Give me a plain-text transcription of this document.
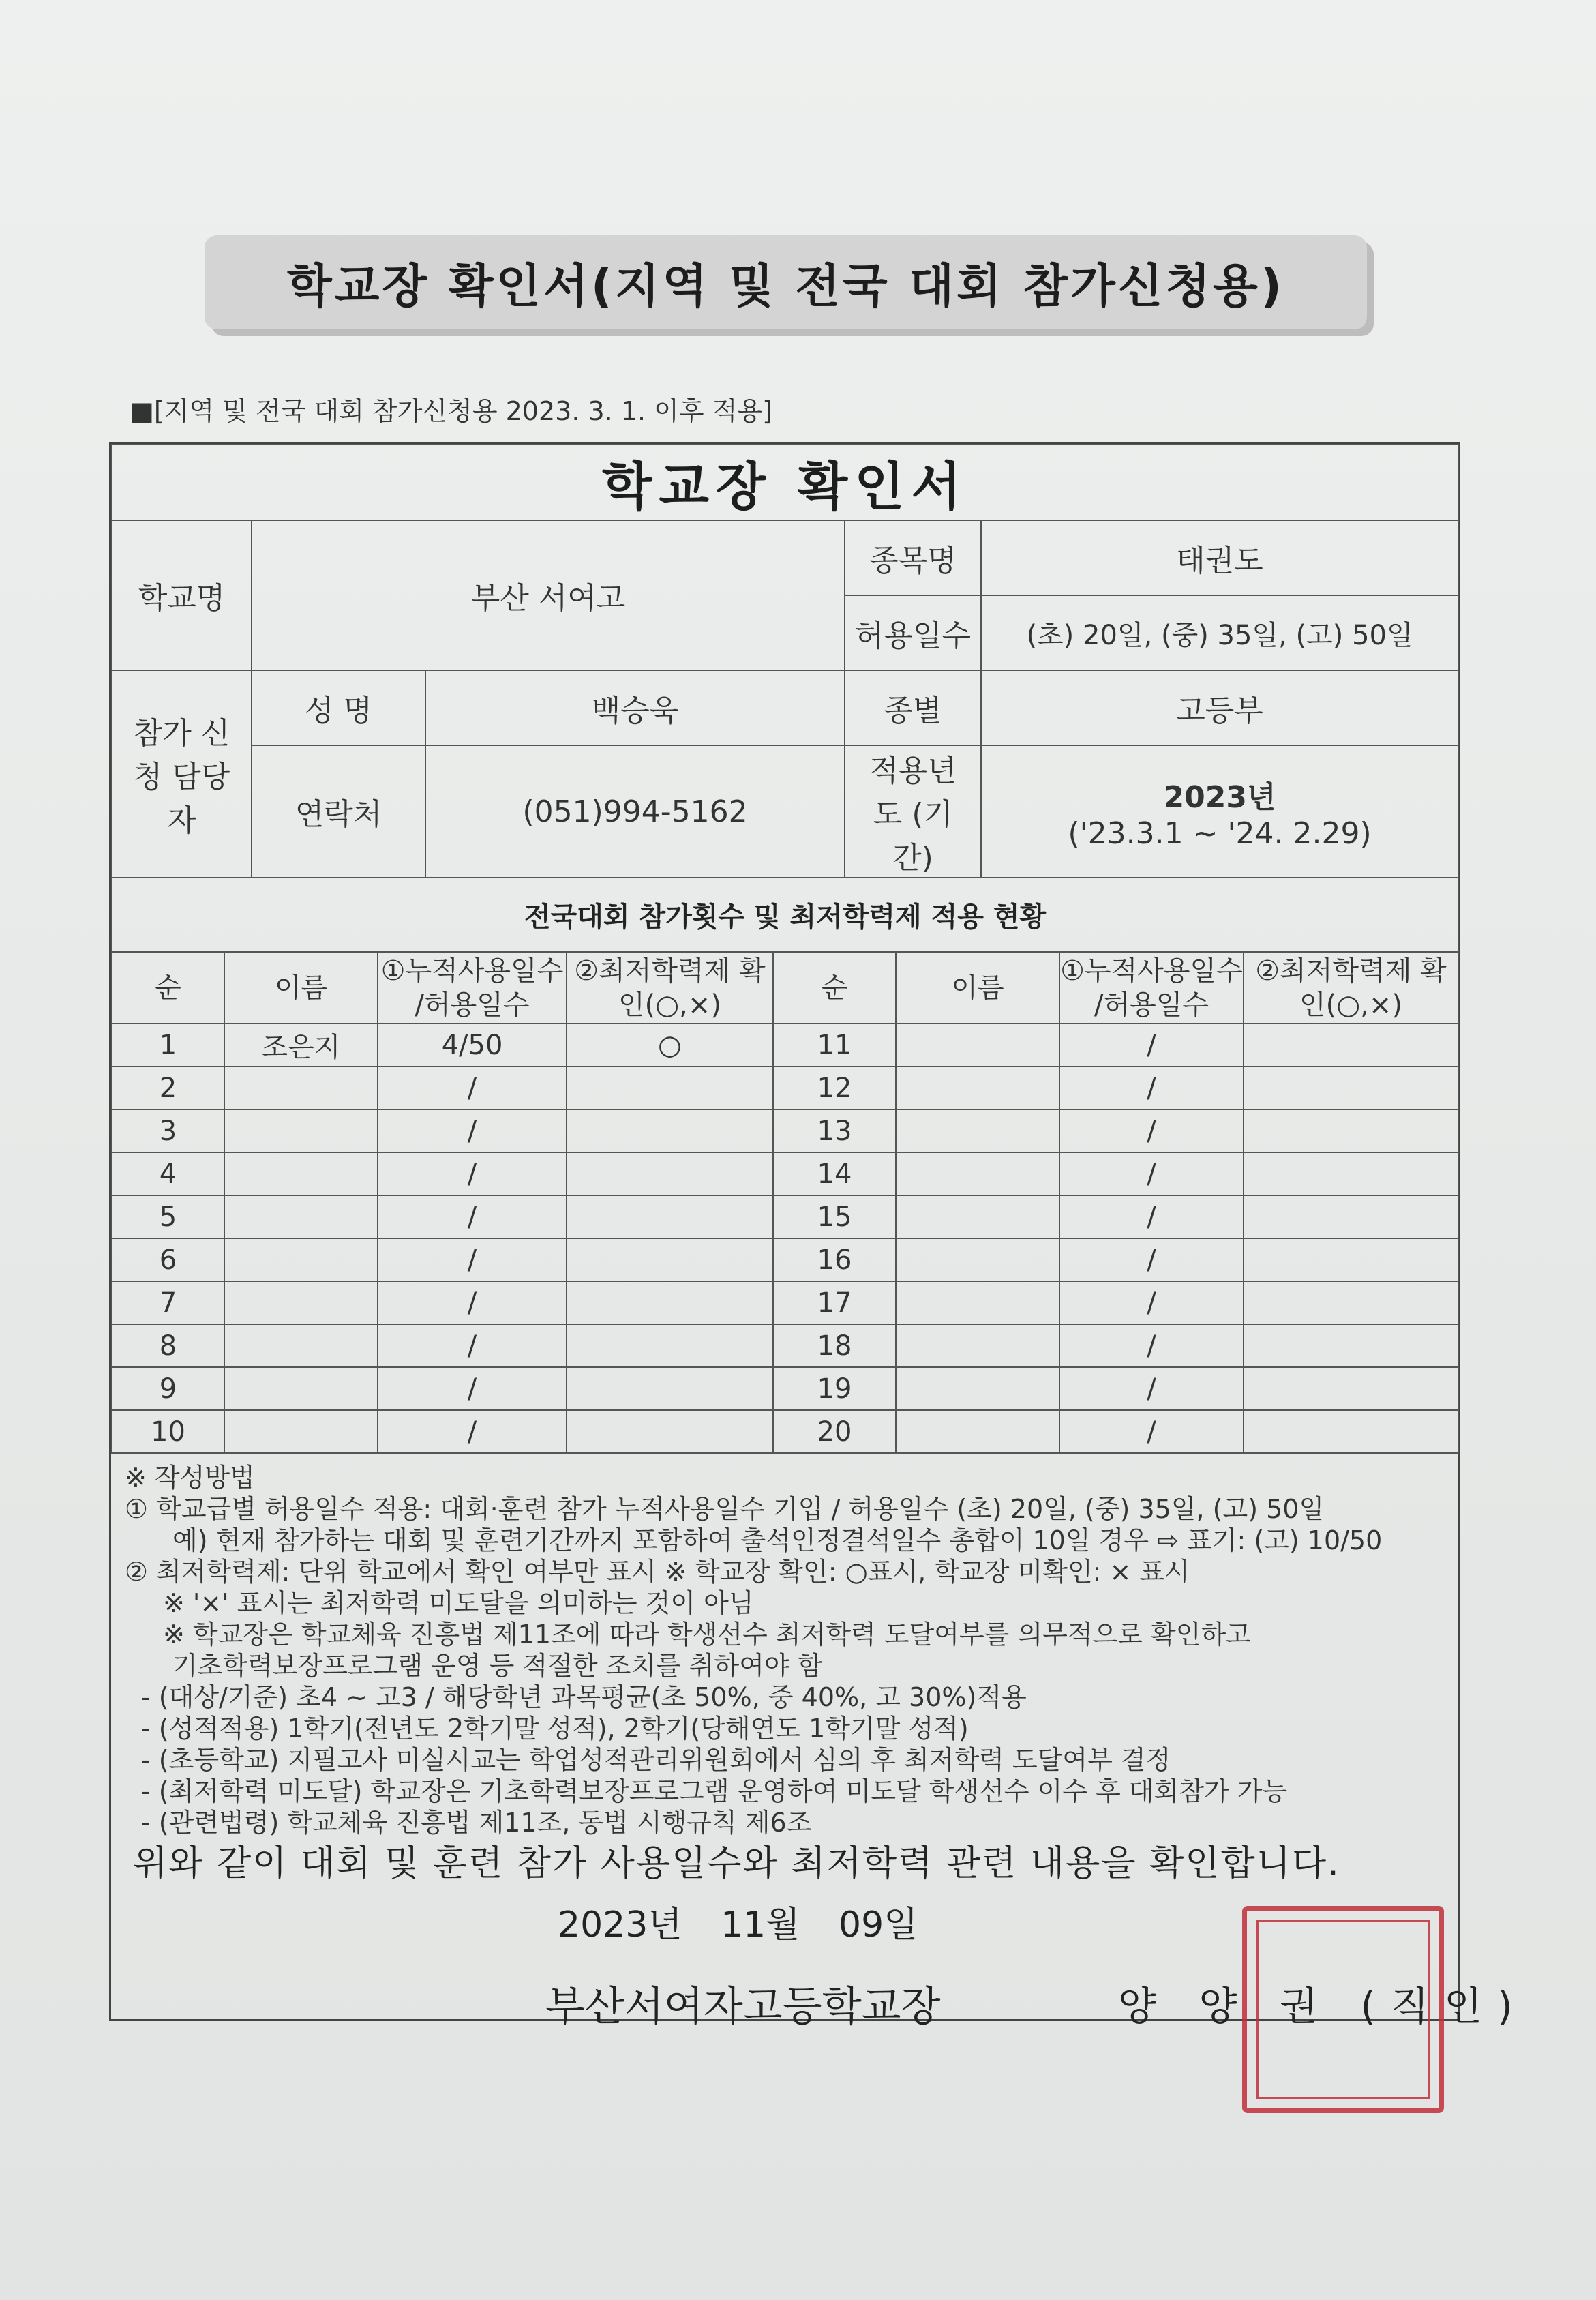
학교장 확인서(지역 및 전국 대회 참가신청용)
■[지역 및 전국 대회 참가신청용 2023. 3. 1. 이후 적용]
학교장 확인서				
학교명	부산 서여고		종목명	태권도
			허용일수	(초) 20일, (중) 35일, (고) 50일
참가 신청 담당자	성 명	백승욱	종별	고등부
	연락처	(051)994-5162	적용년도 (기간)	2023년
('23.3.1 ~ '24. 2.29)

전국대회 참가횟수 및 최저학력제 적용 현황				
순	이름	①누적사용일수 /허용일수	②최저학력제 확인(○,×)	순	이름	①누적사용일수 /허용일수	②최저학력제 확인(○,×)
1	조은지	4/50	○	11		/	
2		/		12		/	
3		/		13		/	
4		/		14		/	
5		/		15		/	
6		/		16		/	
7		/		17		/	
8		/		18		/	
9		/		19		/	
10		/		20		/	
※ 작성방법
① 학교급별 허용일수 적용: 대회·훈련 참가 누적사용일수 기입 / 허용일수 (초) 20일, (중) 35일, (고) 50일
예) 현재 참가하는 대회 및 훈련기간까지 포함하여 출석인정결석일수 총합이 10일 경우 ⇨ 표기: (고) 10/50
② 최저학력제: 단위 학교에서 확인 여부만 표시 ※ 학교장 확인: ○표시, 학교장 미확인: × 표시
※ '×' 표시는 최저학력 미도달을 의미하는 것이 아님
※ 학교장은 학교체육 진흥법 제11조에 따라 학생선수 최저학력 도달여부를 의무적으로 확인하고
기초학력보장프로그램 운영 등 적절한 조치를 취하여야 함
- (대상/기준) 초4 ~ 고3 / 해당학년 과목평균(초 50%, 중 40%, 고 30%)적용
- (성적적용) 1학기(전년도 2학기말 성적), 2학기(당해연도 1학기말 성적)
- (초등학교) 지필고사 미실시교는 학업성적관리위원회에서 심의 후 최저학력 도달여부 결정
- (최저학력 미도달) 학교장은 기초학력보장프로그램 운영하여 미도달 학생선수 이수 후 대회참가 가능
- (관련법령) 학교체육 진흥법 제11조, 동법 시행규칙 제6조
위와 같이 대회 및 훈련 참가 사용일수와 최저학력 관련 내용을 확인합니다.
2023년 11월 09일
부산서여자고등학교장	양 양 권 (직인)
